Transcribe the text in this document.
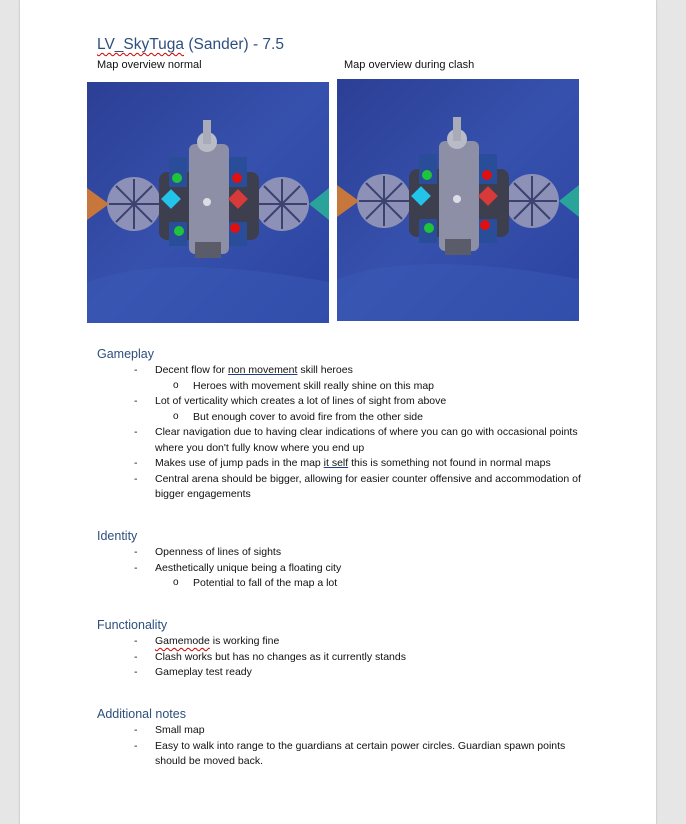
LV_SkyTuga (Sander) - 7.5
Map overview normal	Map overview during clash
Gameplay
- Decent flow for non movement skill heroes
o Heroes with movement skill really shine on this map
- Lot of verticality which creates a lot of lines of sight from above
o But enough cover to avoid fire from the other side
- Clear navigation due to having clear indications of where you can go with occasional points where you don't fully know where you end up
- Makes use of jump pads in the map it self this is something not found in normal maps
- Central arena should be bigger, allowing for easier counter offensive and accommodation of bigger engagements
Identity
- Openness of lines of sights
- Aesthetically unique being a floating city
o Potential to fall of the map a lot
Functionality
- Gamemode is working fine
- Clash works but has no changes as it currently stands
- Gameplay test ready
Additional notes
- Small map
- Easy to walk into range to the guardians at certain power circles. Guardian spawn points should be moved back.
